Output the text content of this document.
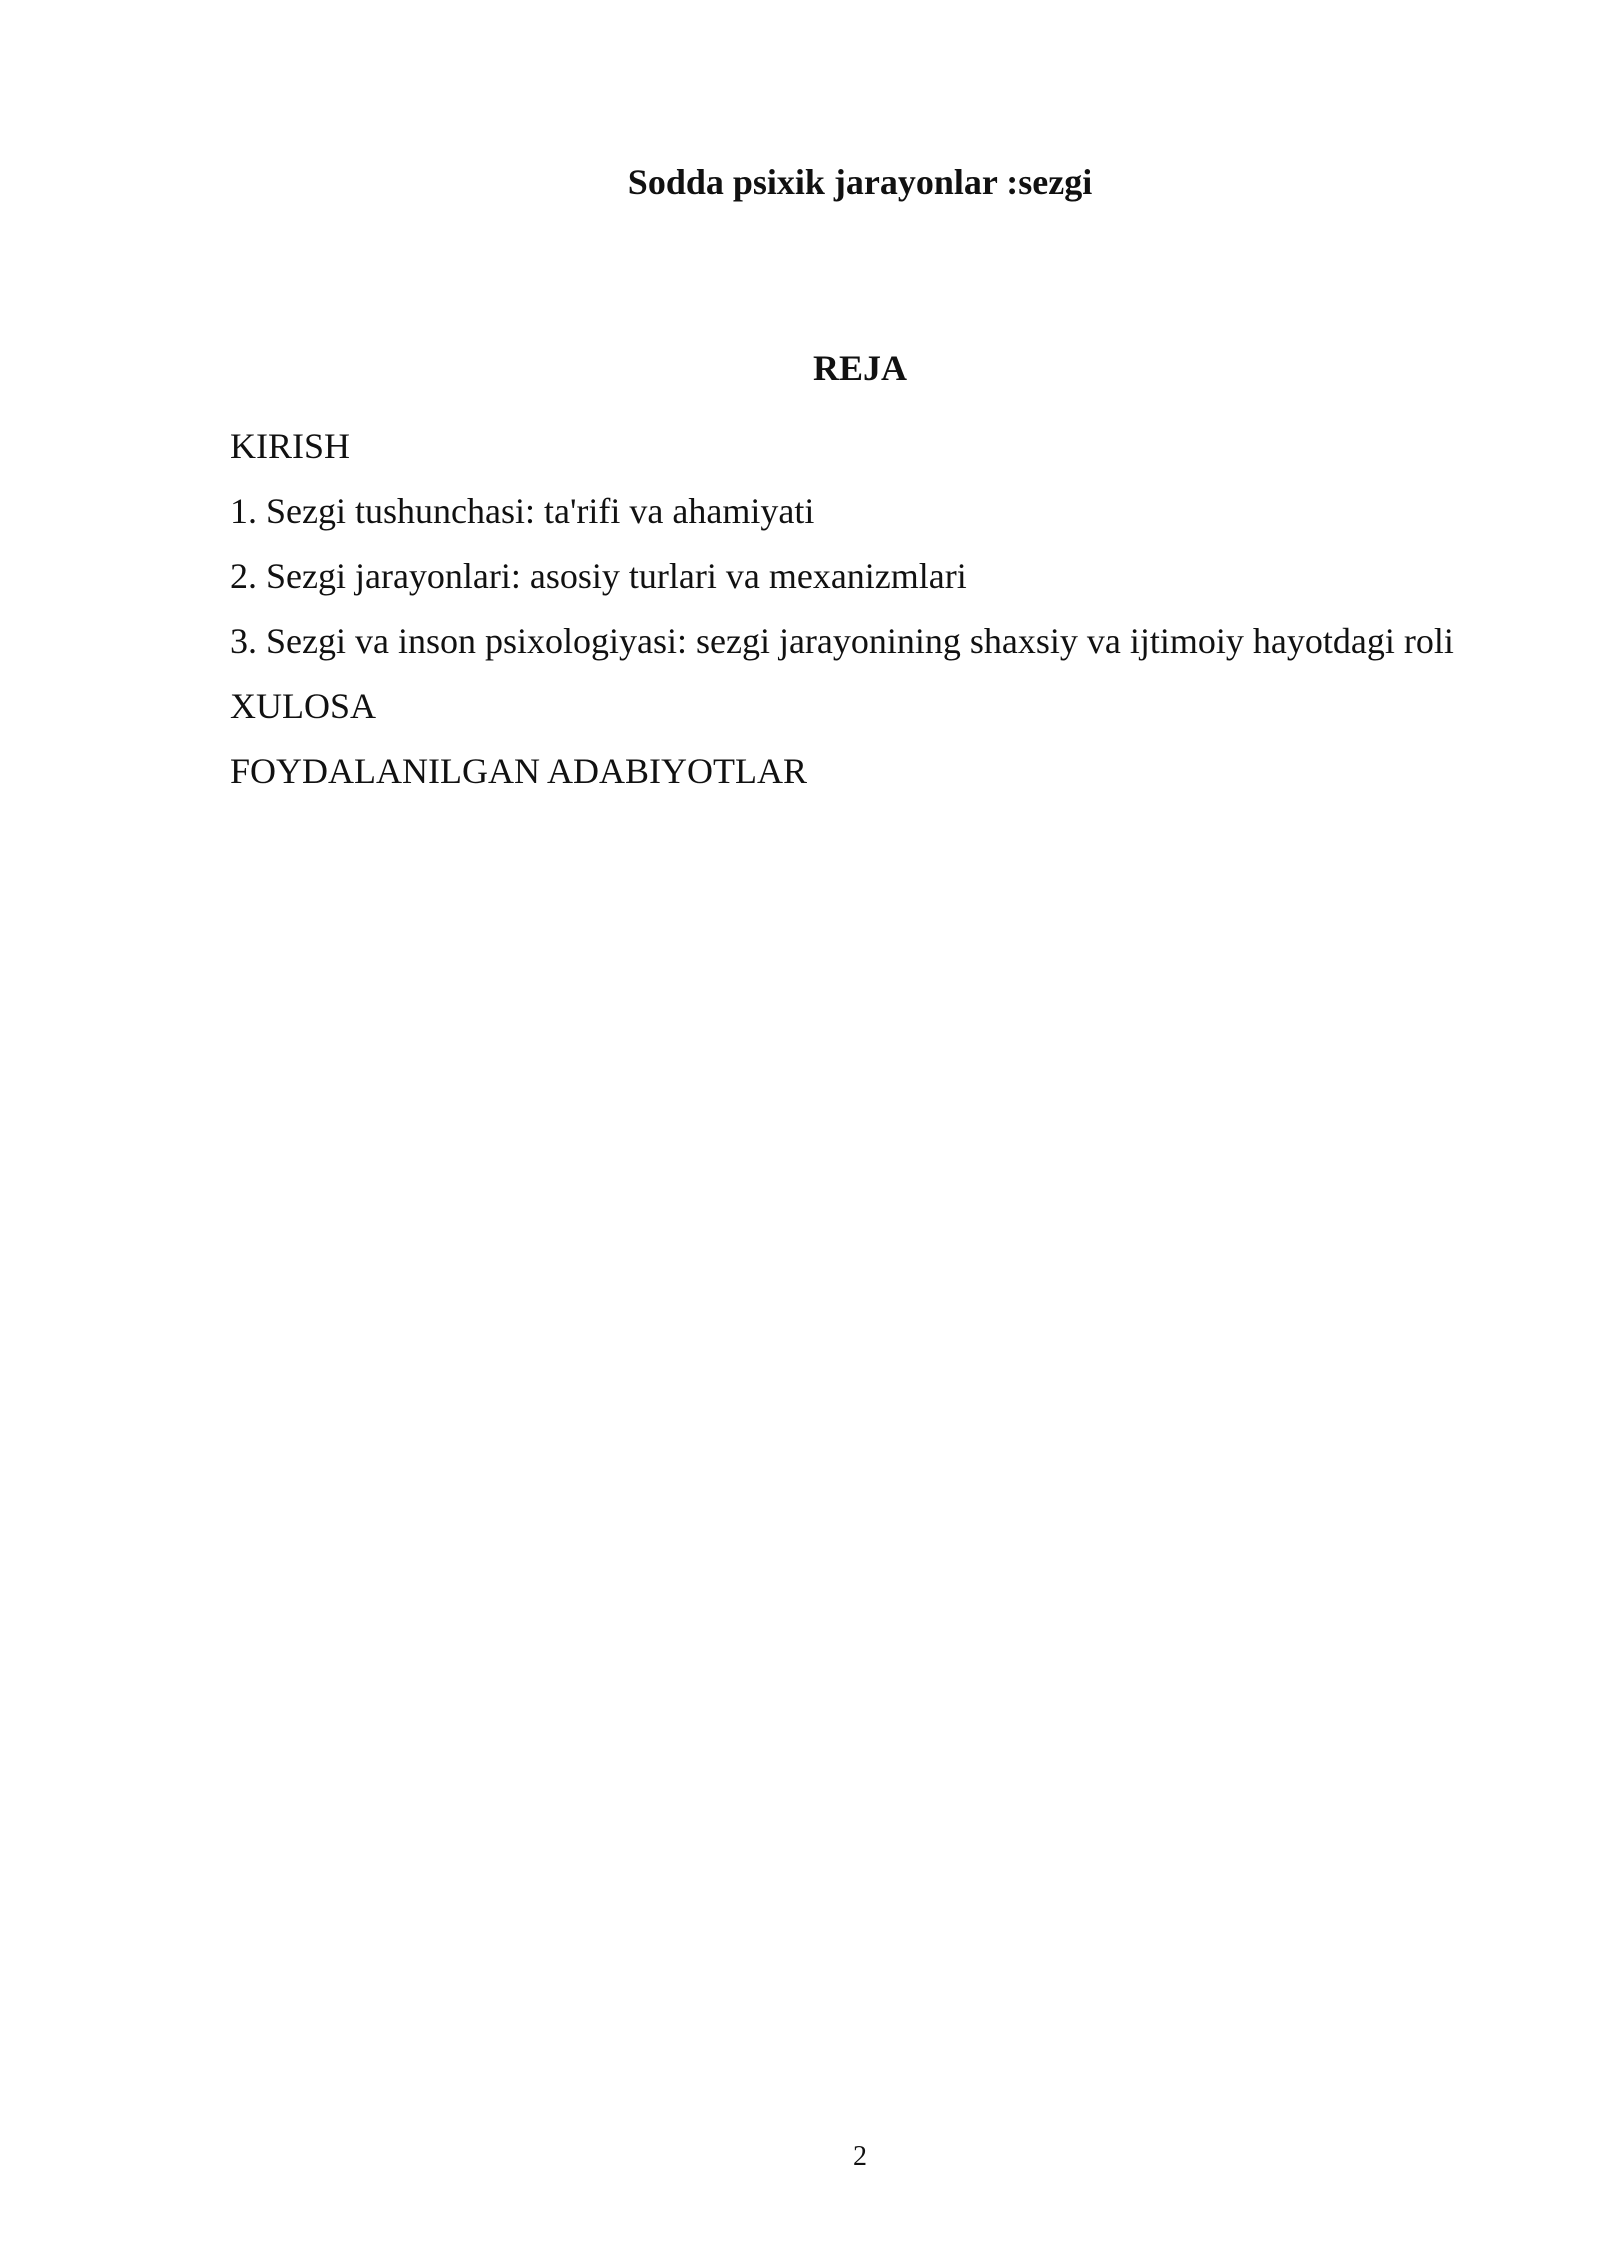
Sodda psixik jarayonlar :sezgi
REJA
KIRISH
1. Sezgi tushunchasi: ta'rifi va ahamiyati
2. Sezgi jarayonlari: asosiy turlari va mexanizmlari
3. Sezgi va inson psixologiyasi: sezgi jarayonining shaxsiy va ijtimoiy hayotdagi roli
XULOSA
FOYDALANILGAN ADABIYOTLAR
2
